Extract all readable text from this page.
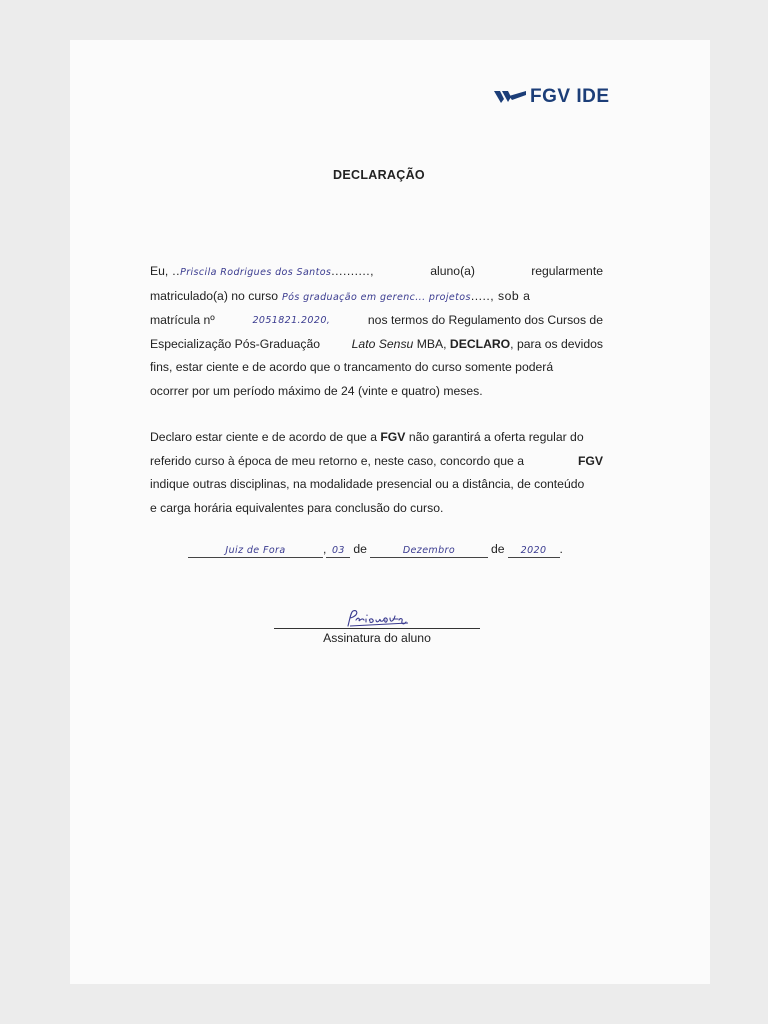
FGV IDE
DECLARAÇÃO
Eu, ..Priscila Rodrigues dos Santos..........,	aluno(a)	regularmente
matriculado(a) no curso Pós graduação em gerenc... projetos....., sob a
matrícula nº	2051821.2020,	nos termos do Regulamento dos Cursos de
Especialização Pós-Graduação	Lato Sensu MBA, DECLARO, para os devidos
fins, estar ciente e de acordo que o trancamento do curso somente poderá
ocorrer por um período máximo de 24 (vinte e quatro) meses.
Declaro estar ciente e de acordo de que a FGV não garantirá a oferta regular do
referido curso à época de meu retorno e, neste caso, concordo que a	FGV
indique outras disciplinas, na modalidade presencial ou a distância, de conteúdo
e carga horária equivalentes para conclusão do curso.
Juiz de Fora	, 03 de	Dezembro	de	2020	.
Assinatura do aluno
